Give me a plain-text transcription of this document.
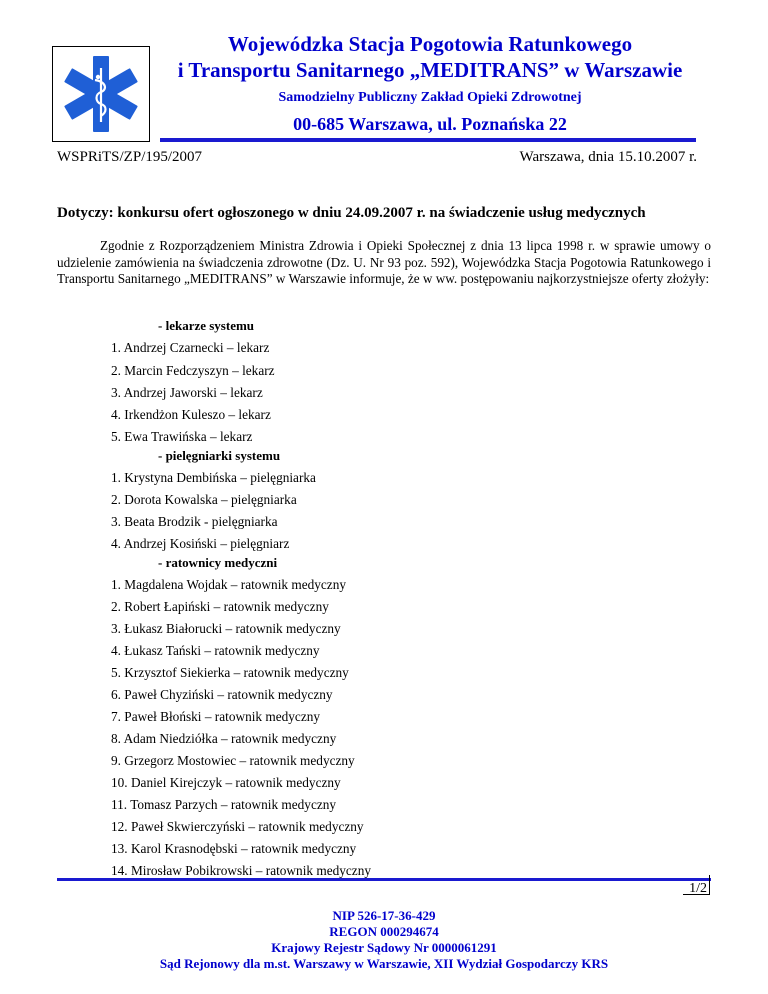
Wojewódzka Stacja Pogotowia Ratunkowego
i Transportu Sanitarnego „MEDITRANS” w Warszawie
Samodzielny Publiczny Zakład Opieki Zdrowotnej
00-685 Warszawa, ul. Poznańska 22
WSPRiTS/ZP/195/2007	Warszawa, dnia 15.10.2007 r.
Dotyczy: konkursu ofert ogłoszonego w dniu 24.09.2007 r. na świadczenie usług medycznych

Zgodnie z Rozporządzeniem Ministra Zdrowia i Opieki Społecznej z dnia 13 lipca 1998 r. w sprawie umowy o udzielenie zamówienia na świadczenia zdrowotne (Dz. U. Nr 93 poz. 592), Wojewódzka Stacja Pogotowia Ratunkowego i Transportu Sanitarnego „MEDITRANS” w Warszawie informuje, że w ww. postępowaniu najkorzystniejsze oferty złożyły:

- lekarze systemu
1. Andrzej Czarnecki – lekarz
2. Marcin Fedczyszyn – lekarz
3. Andrzej Jaworski – lekarz
4. Irkendżon Kuleszo – lekarz
5. Ewa Trawińska – lekarz
- pielęgniarki systemu
1. Krystyna Dembińska – pielęgniarka
2. Dorota Kowalska – pielęgniarka
3. Beata Brodzik - pielęgniarka
4. Andrzej Kosiński – pielęgniarz
- ratownicy medyczni
1. Magdalena Wojdak – ratownik medyczny
2. Robert Łapiński – ratownik medyczny
3. Łukasz Białorucki – ratownik medyczny
4. Łukasz Tański – ratownik medyczny
5. Krzysztof Siekierka – ratownik medyczny
6. Paweł Chyziński – ratownik medyczny
7. Paweł Błoński – ratownik medyczny
8. Adam Niedziółka – ratownik medyczny
9. Grzegorz Mostowiec – ratownik medyczny
10. Daniel Kirejczyk – ratownik medyczny
11. Tomasz Parzych – ratownik medyczny
12. Paweł Skwierczyński – ratownik medyczny
13. Karol Krasnodębski – ratownik medyczny
14. Mirosław Pobikrowski – ratownik medyczny
1/2
NIP 526-17-36-429
REGON 000294674
Krajowy Rejestr Sądowy Nr 0000061291
Sąd Rejonowy dla m.st. Warszawy w Warszawie, XII Wydział Gospodarczy KRS
